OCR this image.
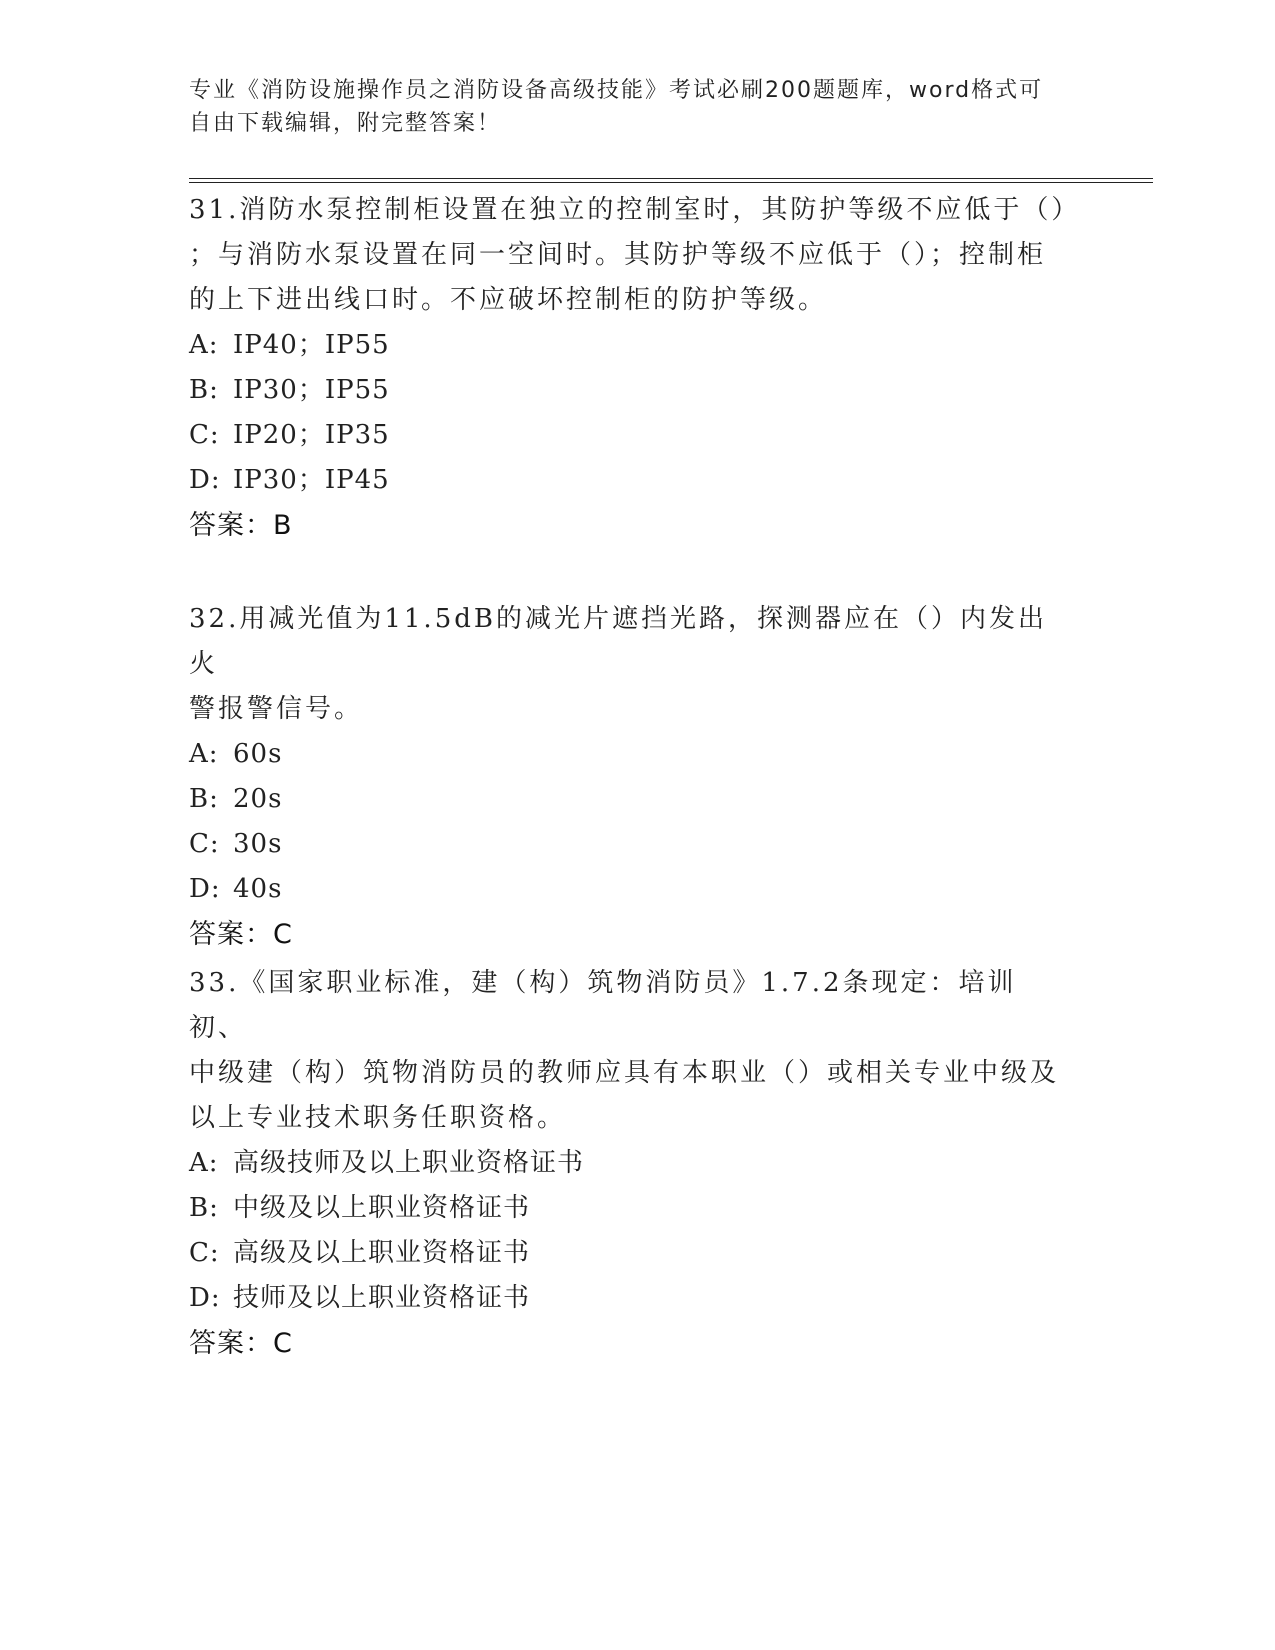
专业《消防设施操作员之消防设备高级技能》考试必刷200题题库，word格式可
自由下载编辑，附完整答案！

31.消防水泵控制柜设置在独立的控制室时，其防护等级不应低于（）

；与消防水泵设置在同一空间时。其防护等级不应低于（）；控制柜

的上下进出线口时。不应破坏控制柜的防护等级。

A: IP40；IP55

B: IP30；IP55

C: IP20；IP35

D: IP30；IP45

答案：B

32.用减光值为11.5dB的减光片遮挡光路，探测器应在（）内发出火

警报警信号。

A: 60s

B: 20s

C: 30s

D: 40s

答案：C

33.《国家职业标准，建（构）筑物消防员》1.7.2条现定：培训初、

中级建（构）筑物消防员的教师应具有本职业（）或相关专业中级及

以上专业技术职务任职资格。

A: 高级技师及以上职业资格证书

B: 中级及以上职业资格证书

C: 高级及以上职业资格证书

D: 技师及以上职业资格证书

答案：C
